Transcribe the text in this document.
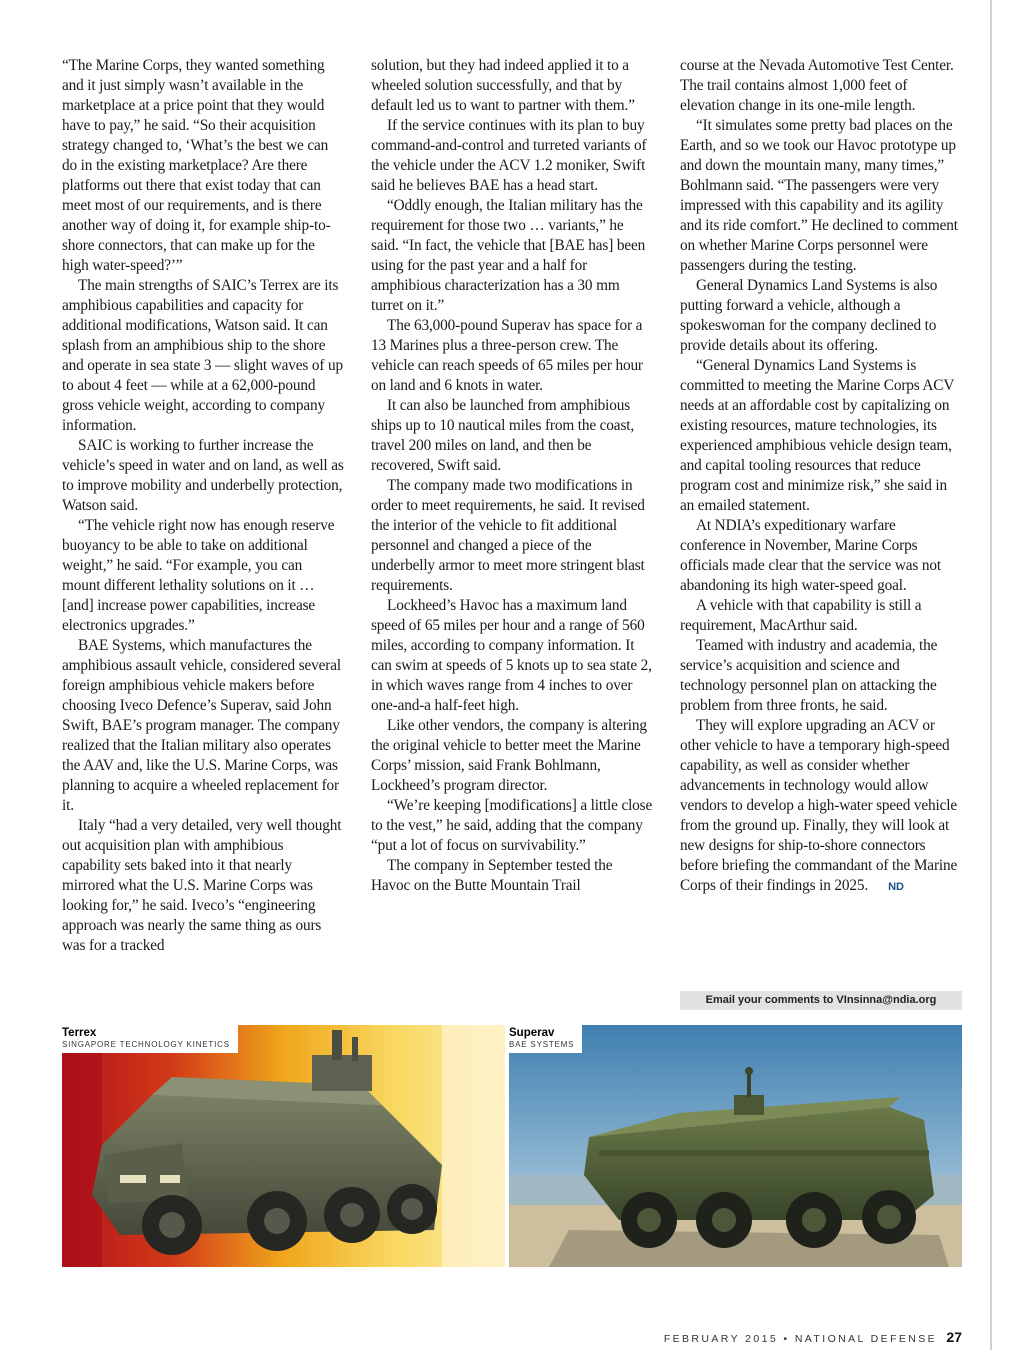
“The Marine Corps, they wanted something and it just simply wasn’t available in the marketplace at a price point that they would have to pay,” he said. “So their acquisition strategy changed to, ‘What’s the best we can do in the existing marketplace? Are there platforms out there that exist today that can meet most of our requirements, and is there another way of doing it, for example ship-to-shore connectors, that can make up for the high water-speed?’”

The main strengths of SAIC’s Terrex are its amphibious capabilities and capacity for additional modifications, Watson said. It can splash from an amphibious ship to the shore and operate in sea state 3 — slight waves of up to about 4 feet — while at a 62,000-pound gross vehicle weight, according to company information.

SAIC is working to further increase the vehicle’s speed in water and on land, as well as to improve mobility and underbelly protection, Watson said.

“The vehicle right now has enough reserve buoyancy to be able to take on additional weight,” he said. “For example, you can mount different lethality solutions on it … [and] increase power capabilities, increase electronics upgrades.”

BAE Systems, which manufactures the amphibious assault vehicle, considered several foreign amphibious vehicle makers before choosing Iveco Defence’s Superav, said John Swift, BAE’s program manager. The company realized that the Italian military also operates the AAV and, like the U.S. Marine Corps, was planning to acquire a wheeled replacement for it.

Italy “had a very detailed, very well thought out acquisition plan with amphibious capability sets baked into it that nearly mirrored what the U.S. Marine Corps was looking for,” he said. Iveco’s “engineering approach was nearly the same thing as ours was for a tracked

solution, but they had indeed applied it to a wheeled solution successfully, and that by default led us to want to partner with them.”

If the service continues with its plan to buy command-and-control and turreted variants of the vehicle under the ACV 1.2 moniker, Swift said he believes BAE has a head start.

“Oddly enough, the Italian military has the requirement for those two … variants,” he said. “In fact, the vehicle that [BAE has] been using for the past year and a half for amphibious characterization has a 30 mm turret on it.”

The 63,000-pound Superav has space for a 13 Marines plus a three-person crew. The vehicle can reach speeds of 65 miles per hour on land and 6 knots in water.

It can also be launched from amphibious ships up to 10 nautical miles from the coast, travel 200 miles on land, and then be recovered, Swift said.

The company made two modifications in order to meet requirements, he said. It revised the interior of the vehicle to fit additional personnel and changed a piece of the underbelly armor to meet more stringent blast requirements.

Lockheed’s Havoc has a maximum land speed of 65 miles per hour and a range of 560 miles, according to company information. It can swim at speeds of 5 knots up to sea state 2, in which waves range from 4 inches to over one-and-a half-feet high.

Like other vendors, the company is altering the original vehicle to better meet the Marine Corps’ mission, said Frank Bohlmann, Lockheed’s program director.

“We’re keeping [modifications] a little close to the vest,” he said, adding that the company “put a lot of focus on survivability.”

The company in September tested the Havoc on the Butte Mountain Trail

course at the Nevada Automotive Test Center. The trail contains almost 1,000 feet of elevation change in its one-mile length.

“It simulates some pretty bad places on the Earth, and so we took our Havoc prototype up and down the mountain many, many times,” Bohlmann said. “The passengers were very impressed with this capability and its agility and its ride comfort.” He declined to comment on whether Marine Corps personnel were passengers during the testing.

General Dynamics Land Systems is also putting forward a vehicle, although a spokeswoman for the company declined to provide details about its offering.

“General Dynamics Land Systems is committed to meeting the Marine Corps ACV needs at an affordable cost by capitalizing on existing resources, mature technologies, its experienced amphibious vehicle design team, and capital tooling resources that reduce program cost and minimize risk,” she said in an emailed statement.

At NDIA’s expeditionary warfare conference in November, Marine Corps officials made clear that the service was not abandoning its high water-speed goal.

A vehicle with that capability is still a requirement, MacArthur said.

Teamed with industry and academia, the service’s acquisition and science and technology personnel plan on attacking the problem from three fronts, he said.

They will explore upgrading an ACV or other vehicle to have a temporary high-speed capability, as well as consider whether advancements in technology would allow vendors to develop a high-water speed vehicle from the ground up. Finally, they will look at new designs for ship-to-shore connectors before briefing the commandant of the Marine Corps of their findings in 2025. ND

Email your comments to VInsinna@ndia.org
Terrex
SINGAPORE TECHNOLOGY KINETICS
Superav
BAE SYSTEMS
FEBRUARY 2015 • NATIONAL DEFENSE 27
